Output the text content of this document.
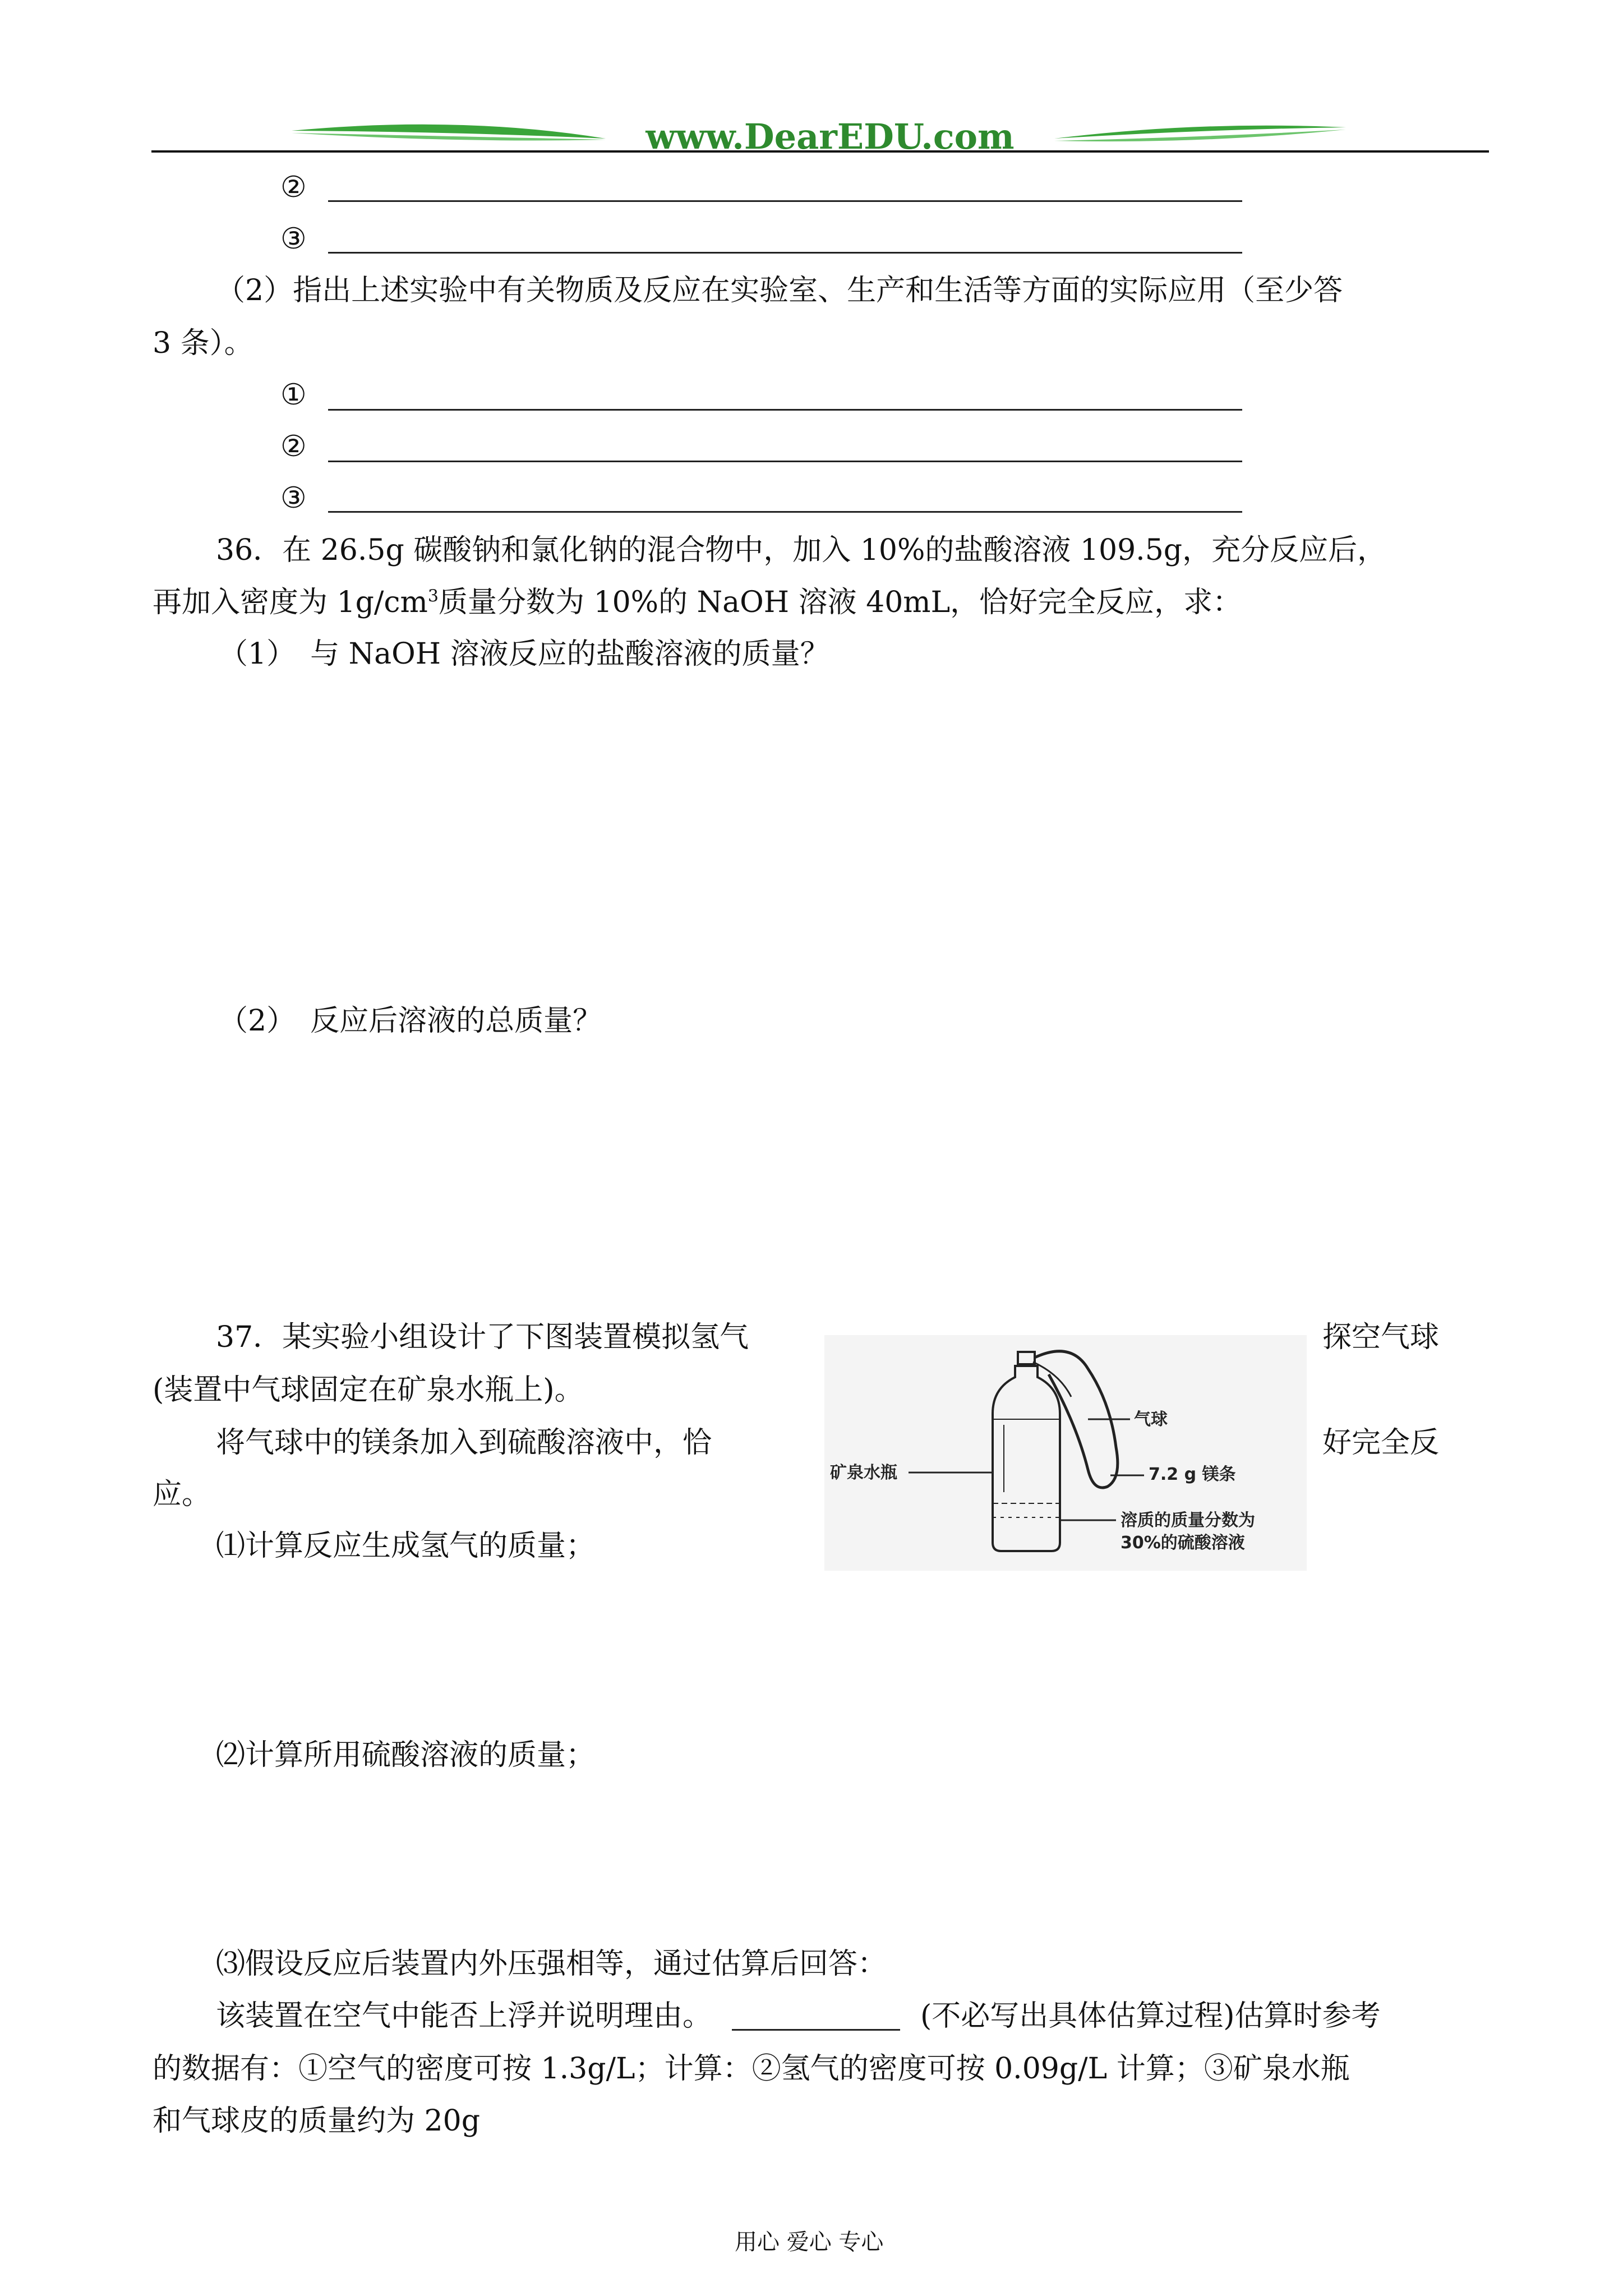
www.DearEDU.com
②
③
（2）指出上述实验中有关物质及反应在实验室、生产和生活等方面的实际应用（至少答
3 条）。
①
②
③
36．在 26.5g 碳酸钠和氯化钠的混合物中，加入 10%的盐酸溶液 109.5g，充分反应后，
再加入密度为 $1g/cm^3$质量分数为 10%的 NaOH 溶液 40mL，恰好完全反应，求：
（1）　与 NaOH 溶液反应的盐酸溶液的质量？
（2）　反应后溶液的总质量？
37．某实验小组设计了下图装置模拟氢气	探空气球
(装置中气球固定在矿泉水瓶上)。
将气球中的镁条加入到硫酸溶液中，恰	好完全反
应。
⑴计算反应生成氢气的质量；
⑵计算所用硫酸溶液的质量；
⑶假设反应后装置内外压强相等，通过估算后回答：
该装置在空气中能否上浮并说明理由。	(不必写出具体估算过程)估算时参考
的数据有：①空气的密度可按 1.3g/L；计算：②氢气的密度可按 0.09g/L 计算；③矿泉水瓶
和气球皮的质量约为 20g
气球
7.2 g 镁条
矿泉水瓶
溶质的质量分数为
30%的硫酸溶液
用心 爱心 专心
